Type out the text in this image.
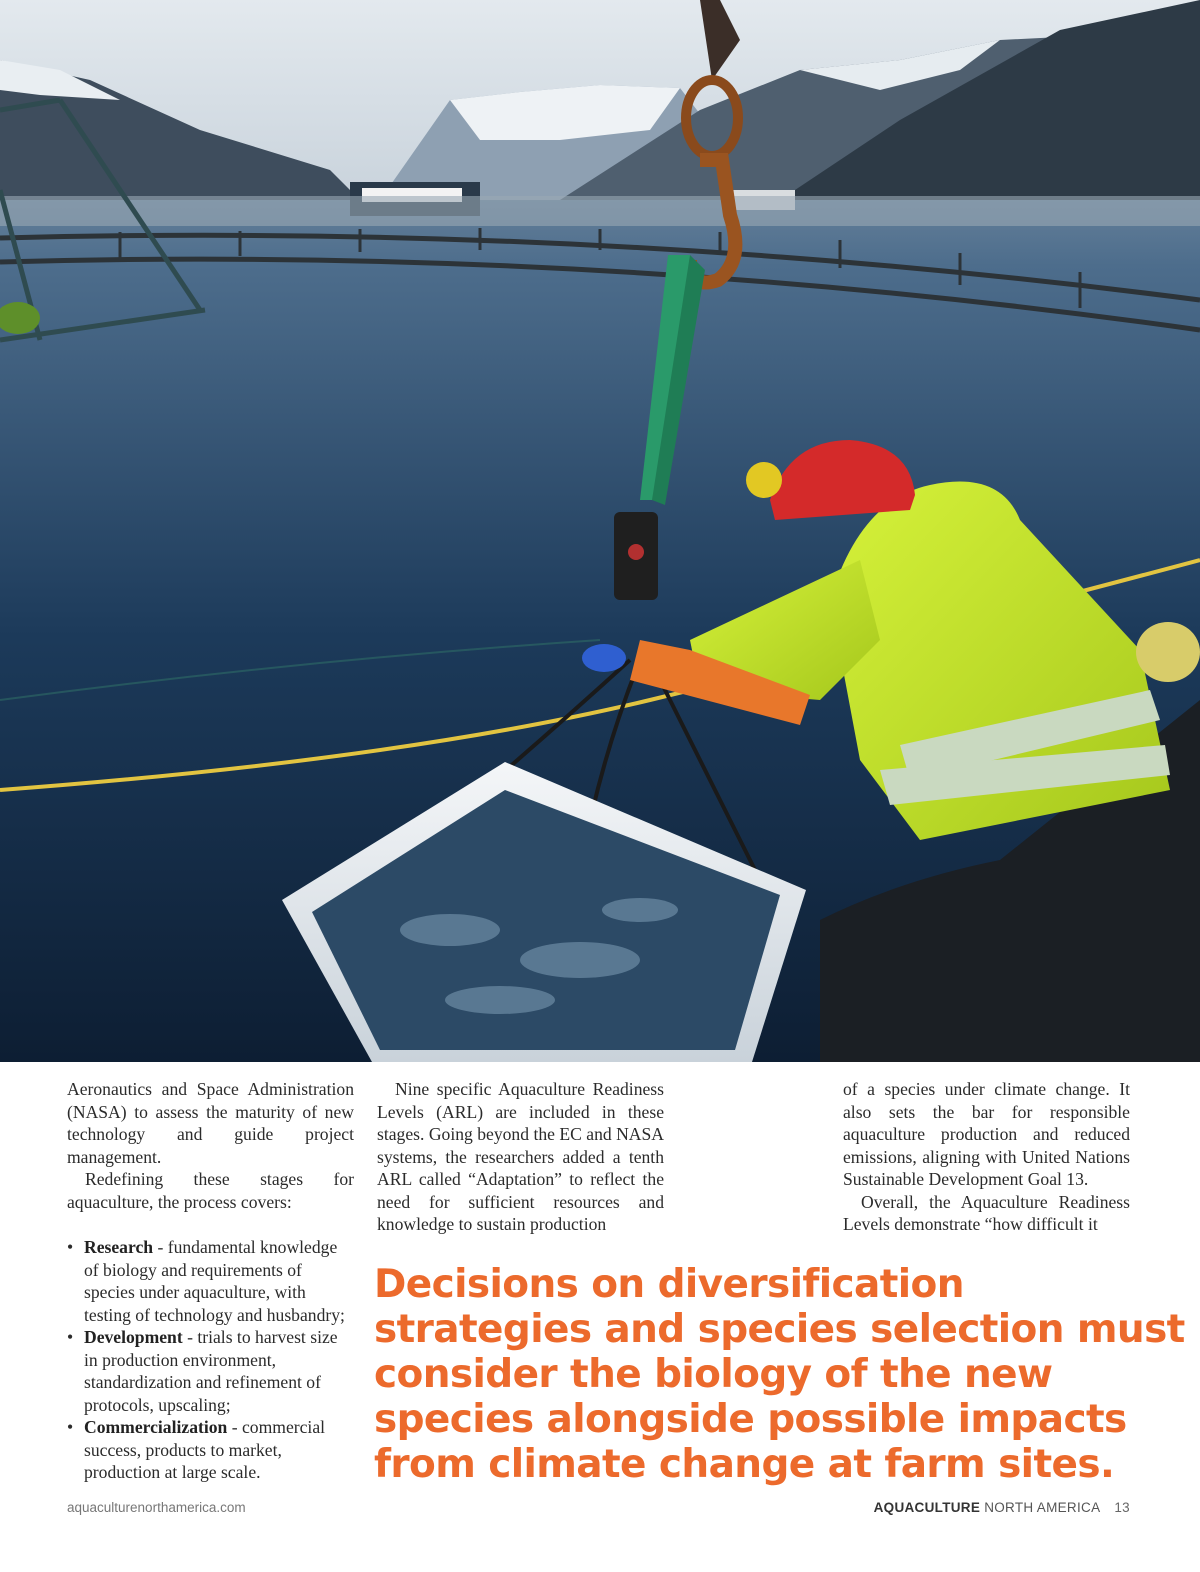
Aeronautics and Space Administration (NASA) to assess the maturity of new technology and guide project management.

Redefining these stages for aquaculture, the process covers:

• Research - fundamental knowledge of biology and requirements of species under aquaculture, with testing of technology and husbandry;
• Development - trials to harvest size in production environment, standardization and refinement of protocols, upscaling;
• Commercialization - commercial success, products to market, production at large scale.

Nine specific Aquaculture Readiness Levels (ARL) are included in these stages. Going beyond the EC and NASA systems, the researchers added a tenth ARL called “Adaptation” to reflect the need for sufficient resources and knowledge to sustain production

of a species under climate change. It also sets the bar for responsible aquaculture production and reduced emissions, aligning with United Nations Sustainable Development Goal 13.

Overall, the Aquaculture Readiness Levels demonstrate “how difficult it

Decisions on diversification
strategies and species selection must
consider the biology of the new
species alongside possible impacts
from climate change at farm sites.
aquaculturenorthamerica.com	AQUACULTURE NORTH AMERICA 13
